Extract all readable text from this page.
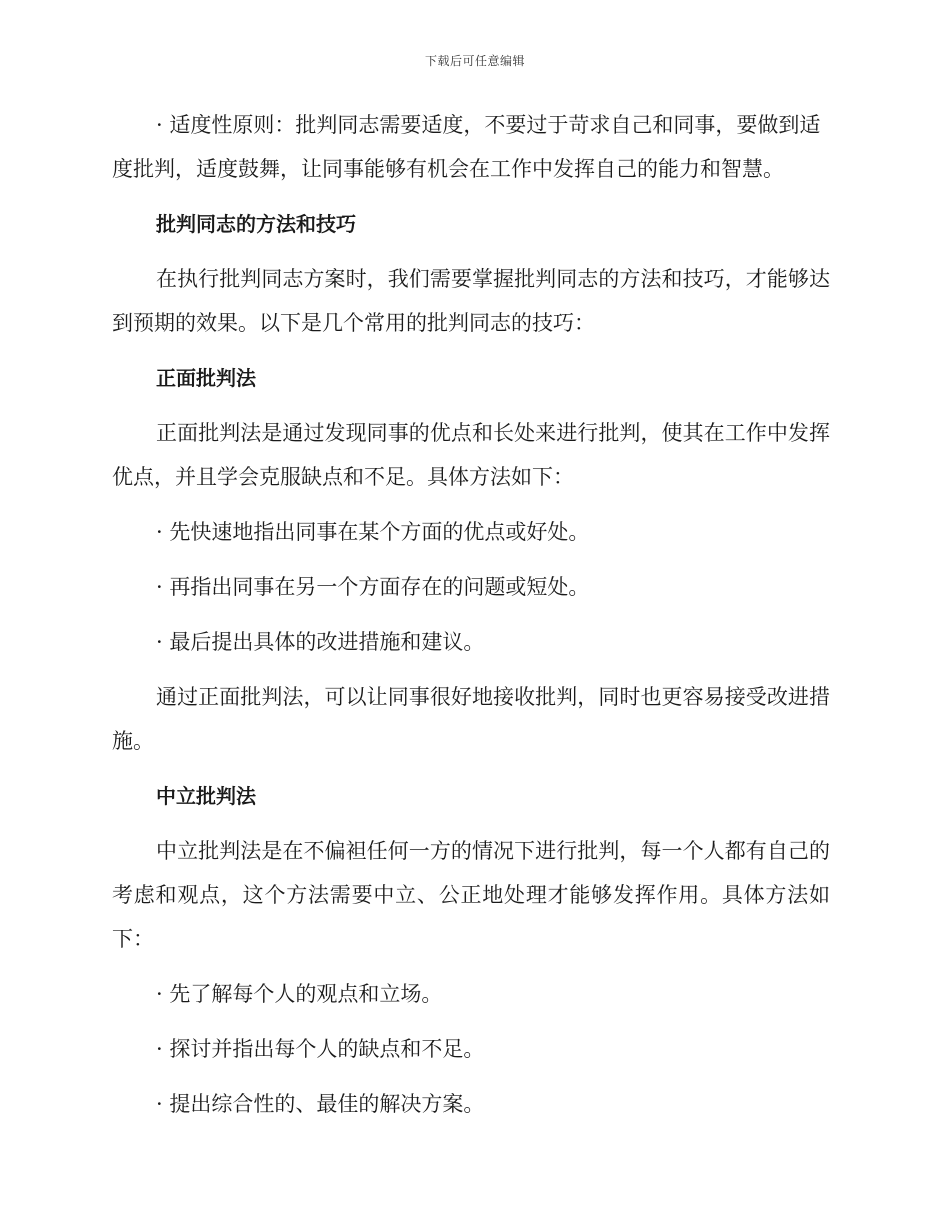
下载后可任意编辑

· 适度性原则：批判同志需要适度，不要过于苛求自己和同事，要做到适度批判，适度鼓舞，让同事能够有机会在工作中发挥自己的能力和智慧。

批判同志的方法和技巧

在执行批判同志方案时，我们需要掌握批判同志的方法和技巧，才能够达到预期的效果。以下是几个常用的批判同志的技巧：

正面批判法

正面批判法是通过发现同事的优点和长处来进行批判，使其在工作中发挥优点，并且学会克服缺点和不足。具体方法如下：

· 先快速地指出同事在某个方面的优点或好处。

· 再指出同事在另一个方面存在的问题或短处。

· 最后提出具体的改进措施和建议。

通过正面批判法，可以让同事很好地接收批判，同时也更容易接受改进措施。

中立批判法

中立批判法是在不偏袒任何一方的情况下进行批判，每一个人都有自己的考虑和观点，这个方法需要中立、公正地处理才能够发挥作用。具体方法如下：

· 先了解每个人的观点和立场。

· 探讨并指出每个人的缺点和不足。

· 提出综合性的、最佳的解决方案。
